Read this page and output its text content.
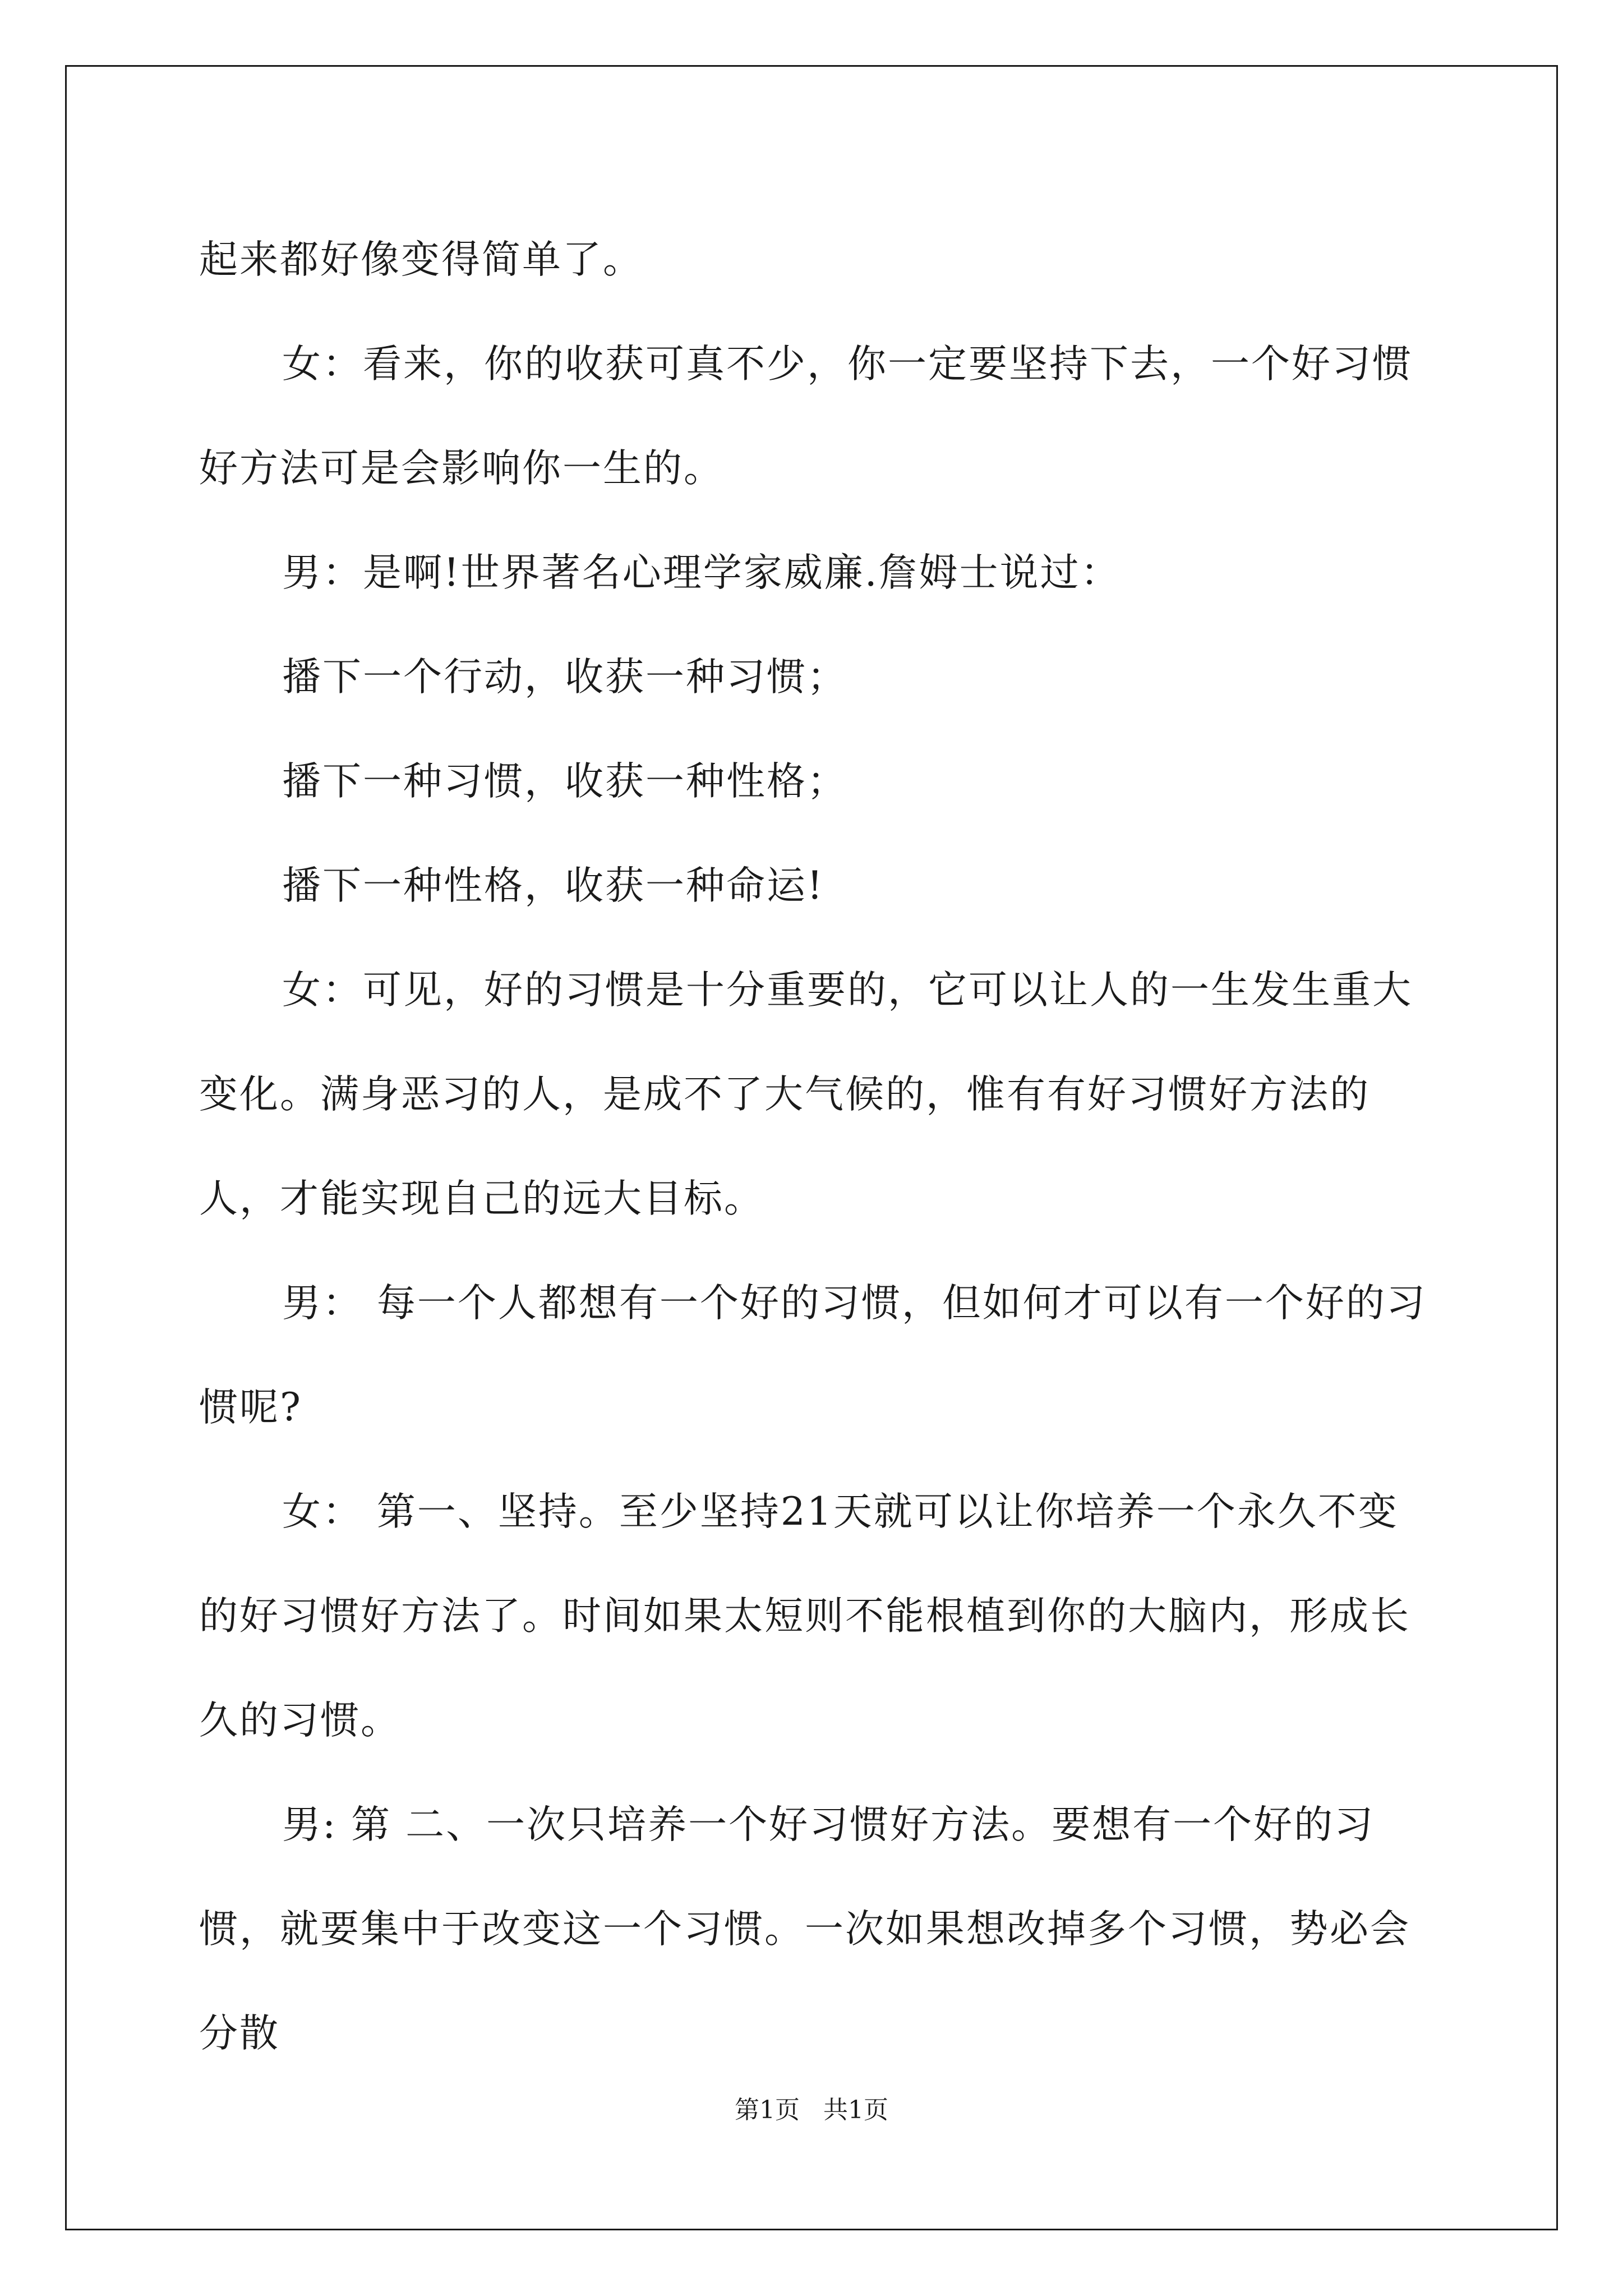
起来都好像变得简单了。

女：看来，你的收获可真不少，你一定要坚持下去，一个好习惯好方法可是会影响你一生的。

男：是啊!世界著名心理学家威廉.詹姆士说过：

播下一个行动，收获一种习惯；

播下一种习惯，收获一种性格；

播下一种性格，收获一种命运!

女：可见，好的习惯是十分重要的，它可以让人的一生发生重大变化。满身恶习的人，是成不了大气候的，惟有有好习惯好方法的人，才能实现自己的远大目标。

男： 每一个人都想有一个好的习惯，但如何才可以有一个好的习惯呢?

女： 第一、坚持。至少坚持21天就可以让你培养一个永久不变的好习惯好方法了。时间如果太短则不能根植到你的大脑内，形成长久的习惯。

男: 第 二、一次只培养一个好习惯好方法。要想有一个好的习惯，就要集中于改变这一个习惯。一次如果想改掉多个习惯，势必会分散

第1页 共1页
